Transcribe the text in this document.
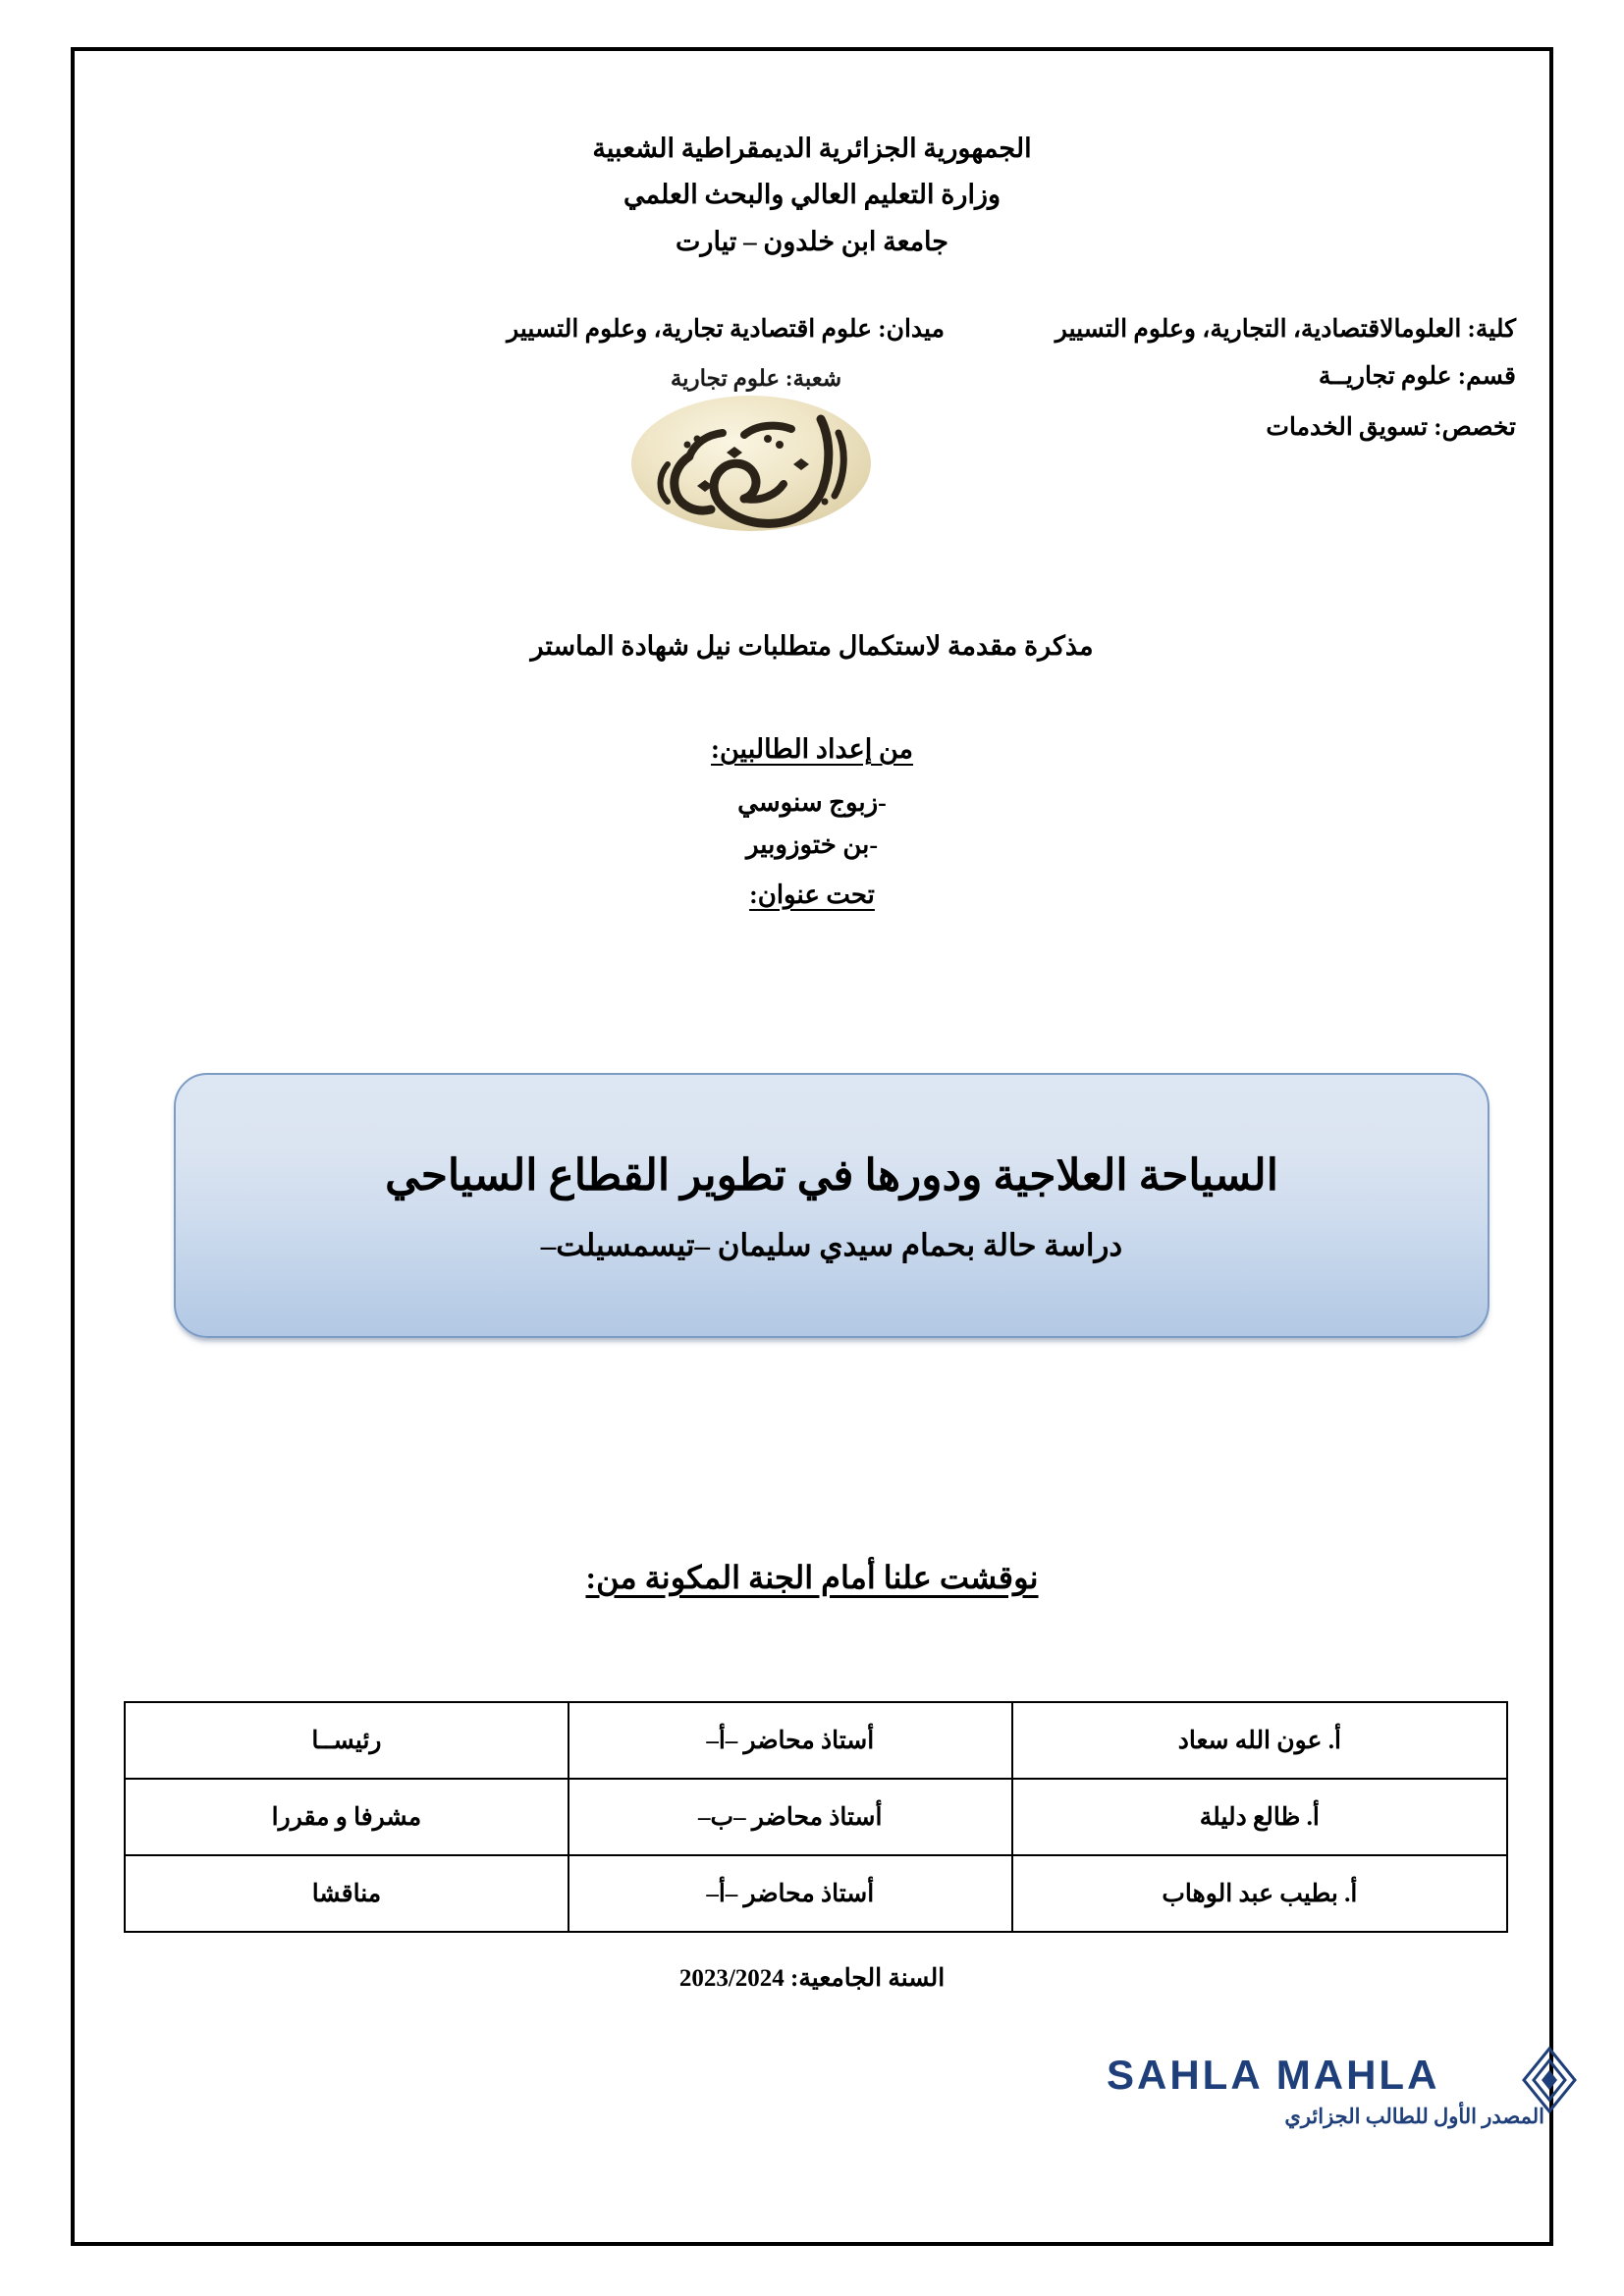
الجمهورية الجزائرية الديمقراطية الشعبية
وزارة التعليم العالي والبحث العلمي
جامعة ابن خلدون – تيارت
كلية: العلومالاقتصادية، التجارية، وعلوم التسيير
ميدان: علوم اقتصادية تجارية، وعلوم التسيير
قسم: علوم تجاريــة
تخصص: تسويق الخدمات
شعبة: علوم تجارية
مذكرة مقدمة لاستكمال متطلبات نيل شهادة الماستر
من إعداد الطالبين:
-زبوج سنوسي
-بن ختوزوبير
تحت عنوان:
السياحة العلاجية ودورها في تطوير القطاع السياحي
دراسة حالة بحمام سيدي سليمان –تيسمسيلت–
نوقشت علنا أمام الجنة المكونة من:
أ. عون الله سعاد	أستاذ محاضر –أ–	رئيســا
أ. ظالع دليلة	أستاذ محاضر –ب–	مشرفا و مقررا
أ. بطيب عبد الوهاب	أستاذ محاضر –أ–	مناقشا
السنة الجامعية: 2023/2024
SAHLA MAHLA
المصدر الأول للطالب الجزائري
